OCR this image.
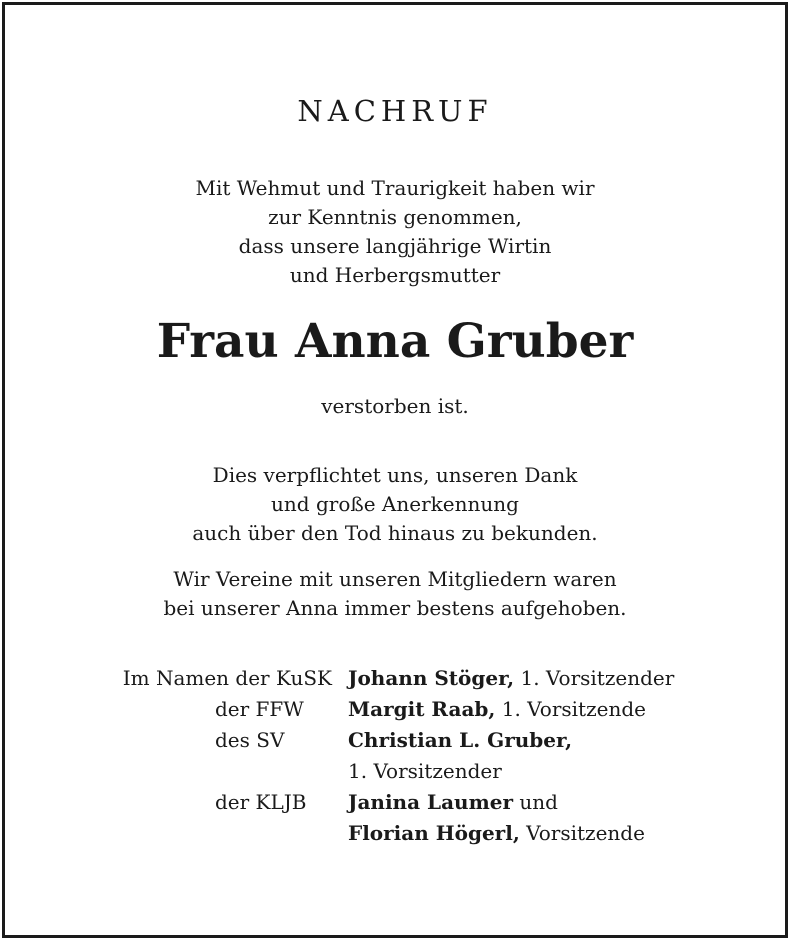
NACHRUF
Mit Wehmut und Traurigkeit haben wir
zur Kenntnis genommen,
dass unsere langjährige Wirtin
und Herbergsmutter
Frau Anna Gruber
verstorben ist.
Dies verpflichtet uns, unseren Dank
und große Anerkennung
auch über den Tod hinaus zu bekunden.
Wir Vereine mit unseren Mitgliedern waren
bei unserer Anna immer bestens aufgehoben.
Im Namen der KuSK Johann Stöger, 1. Vorsitzender
der FFW Margit Raab, 1. Vorsitzende
des SV	Christian L. Gruber,
1. Vorsitzender
der KLJB Janina Laumer und
Florian Högerl, Vorsitzende
